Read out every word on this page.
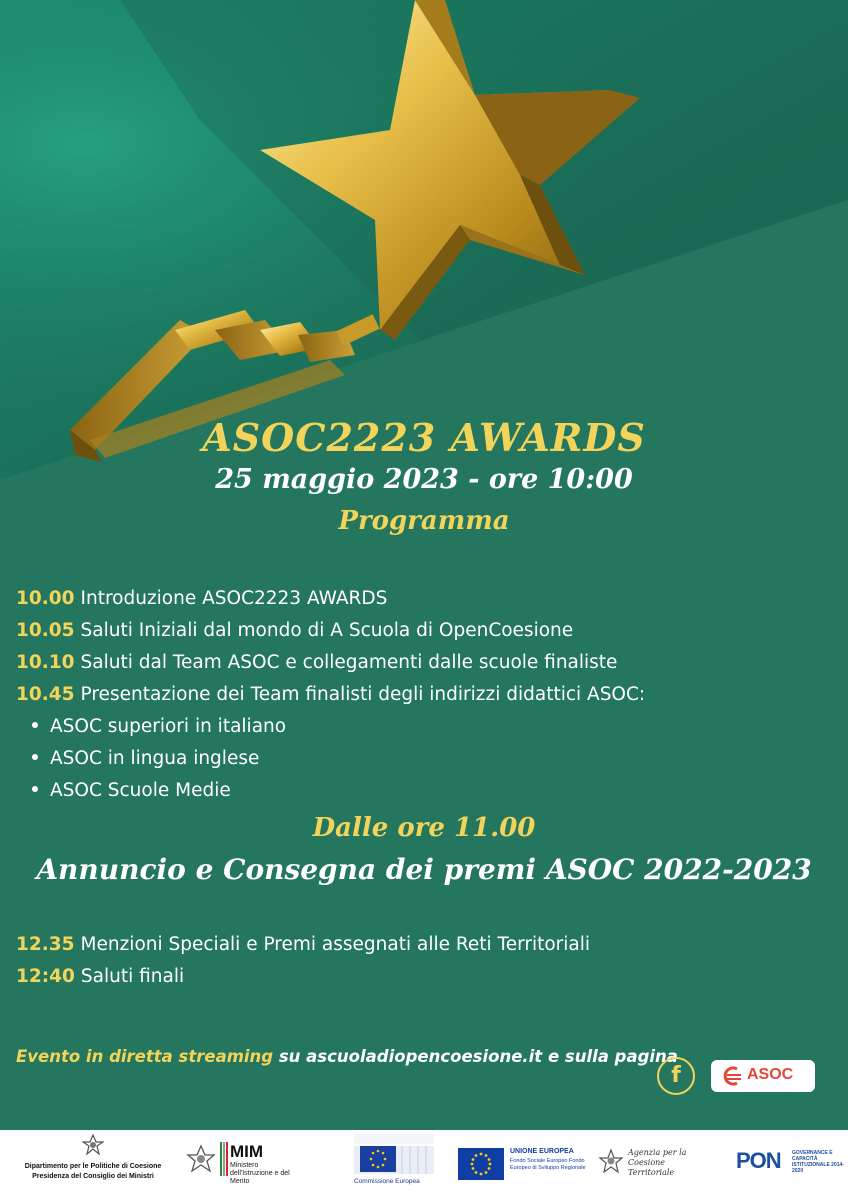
ASOC2223 AWARDS
25 maggio 2023 - ore 10:00
Programma
10.00 Introduzione ASOC2223 AWARDS
10.05 Saluti Iniziali dal mondo di A Scuola di OpenCoesione
10.10 Saluti dal Team ASOC e collegamenti dalle scuole finaliste
10.45 Presentazione dei Team finalisti degli indirizzi didattici ASOC:
ASOC superiori in italiano
ASOC in lingua inglese
ASOC Scuole Medie
Dalle ore 11.00
Annuncio e Consegna dei premi ASOC 2022-2023
12.35 Menzioni Speciali e Premi assegnati alle Reti Territoriali
12:40 Saluti finali
Evento in diretta streaming su ascuoladiopencoesione.it e sulla pagina
f	ASOC
Dipartimento per le Politiche di Coesione
Presidenza del Consiglio dei Ministri
MIM
Ministero dell'Istruzione e del Merito	Commissione Europea
UNIONE EUROPEA
Fondo Sociale Europeo Fondo Europeo di Sviluppo Regionale
Agenzia per la Coesione Territoriale	PON GOVERNANCE E CAPACITÀ ISTITUZIONALE 2014-2020
